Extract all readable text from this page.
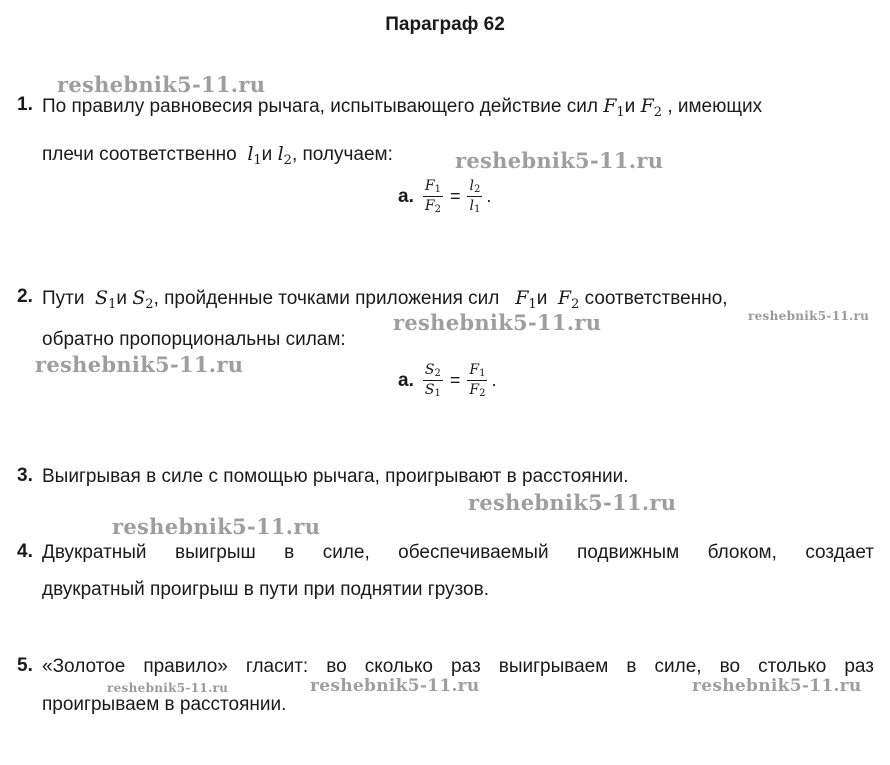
Параграф 62
1. По правилу равновесия рычага, испытывающего действие сил $F_1и$ $F_2$ , имеющих
плечи соответственно $l_1и$ $l_2$, получаем:
а. $\frac{F_1}{F_2} = \frac{l_2}{l_1}$ .
2. Пути $S_1и$ $S_2$, пройденные точками приложения сил $F_1и$ $F_2$ соответственно,
обратно пропорциональны силам:
а. $\frac{S_2}{S_1} = \frac{F_1}{F_2}$ .
3. Выигрывая в силе с помощью рычага, проигрывают в расстоянии.
4. Двукратный выигрыш в силе, обеспечиваемый подвижным блоком, создает
двукратный проигрыш в пути при поднятии грузов.
5. «Золотое правило» гласит: во сколько раз выигрываем в силе, во столько раз
проигрываем в расстоянии.
reshebnik5-11.ru
reshebnik5-11.ru
reshebnik5-11.ru
reshebnik5-11.ru
reshebnik5-11.ru
reshebnik5-11.ru
reshebnik5-11.ru
reshebnik5-11.ru	reshebnik5-11.ru	reshebnik5-11.ru
